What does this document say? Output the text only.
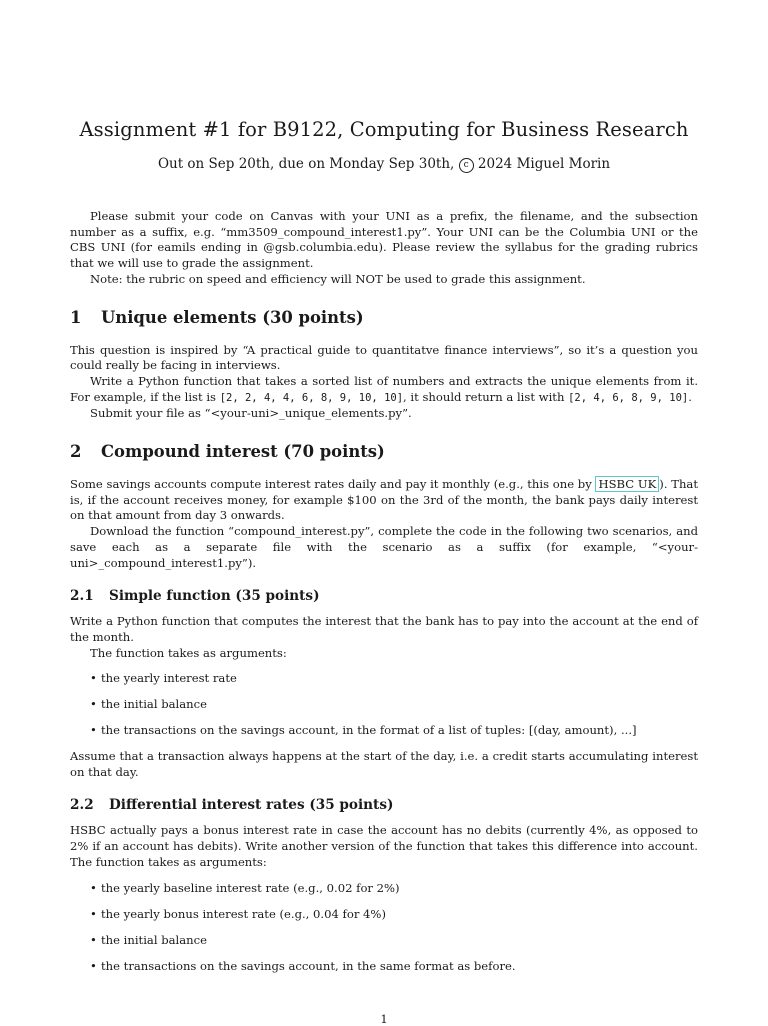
Assignment #1 for B9122, Computing for Business Research
Out on Sep 20th, due on Monday Sep 30th, c 2024 Miguel Morin

Please submit your code on Canvas with your UNI as a prefix, the filename, and the subsection number as a suffix, e.g. “mm3509_compound_interest1.py”. Your UNI can be the Columbia UNI or the CBS UNI (for eamils ending in @gsb.columbia.edu). Please review the syllabus for the grading rubrics that we will use to grade the assignment.

Note: the rubric on speed and efficiency will NOT be used to grade this assignment.

1 Unique elements (30 points)

This question is inspired by “A practical guide to quantitatve finance interviews”, so it’s a question you could really be facing in interviews.

Write a Python function that takes a sorted list of numbers and extracts the unique elements from it. For example, if the list is [2, 2, 4, 4, 6, 8, 9, 10, 10], it should return a list with [2, 4, 6, 8, 9, 10].

Submit your file as “<your-uni>_unique_elements.py”.

2 Compound interest (70 points)

Some savings accounts compute interest rates daily and pay it monthly (e.g., this one by HSBC UK ). That is, if the account receives money, for example $100 on the 3rd of the month, the bank pays daily interest on that amount from day 3 onwards.

Download the function “compound_interest.py”, complete the code in the following two scenarios, and save each as a separate file with the scenario as a suffix (for example, “<your-uni>_compound_interest1.py”).

2.1 Simple function (35 points)

Write a Python function that computes the interest that the bank has to pay into the account at the end of the month.

The function takes as arguments:

• the yearly interest rate
• the initial balance
• the transactions on the savings account, in the format of a list of tuples: [(day, amount), ...]

Assume that a transaction always happens at the start of the day, i.e. a credit starts accumulating interest on that day.

2.2 Differential interest rates (35 points)

HSBC actually pays a bonus interest rate in case the account has no debits (currently 4%, as opposed to 2% if an account has debits). Write another version of the function that takes this difference into account. The function takes as arguments:

• the yearly baseline interest rate (e.g., 0.02 for 2%)
• the yearly bonus interest rate (e.g., 0.04 for 4%)
• the initial balance
• the transactions on the savings account, in the same format as before.
1
